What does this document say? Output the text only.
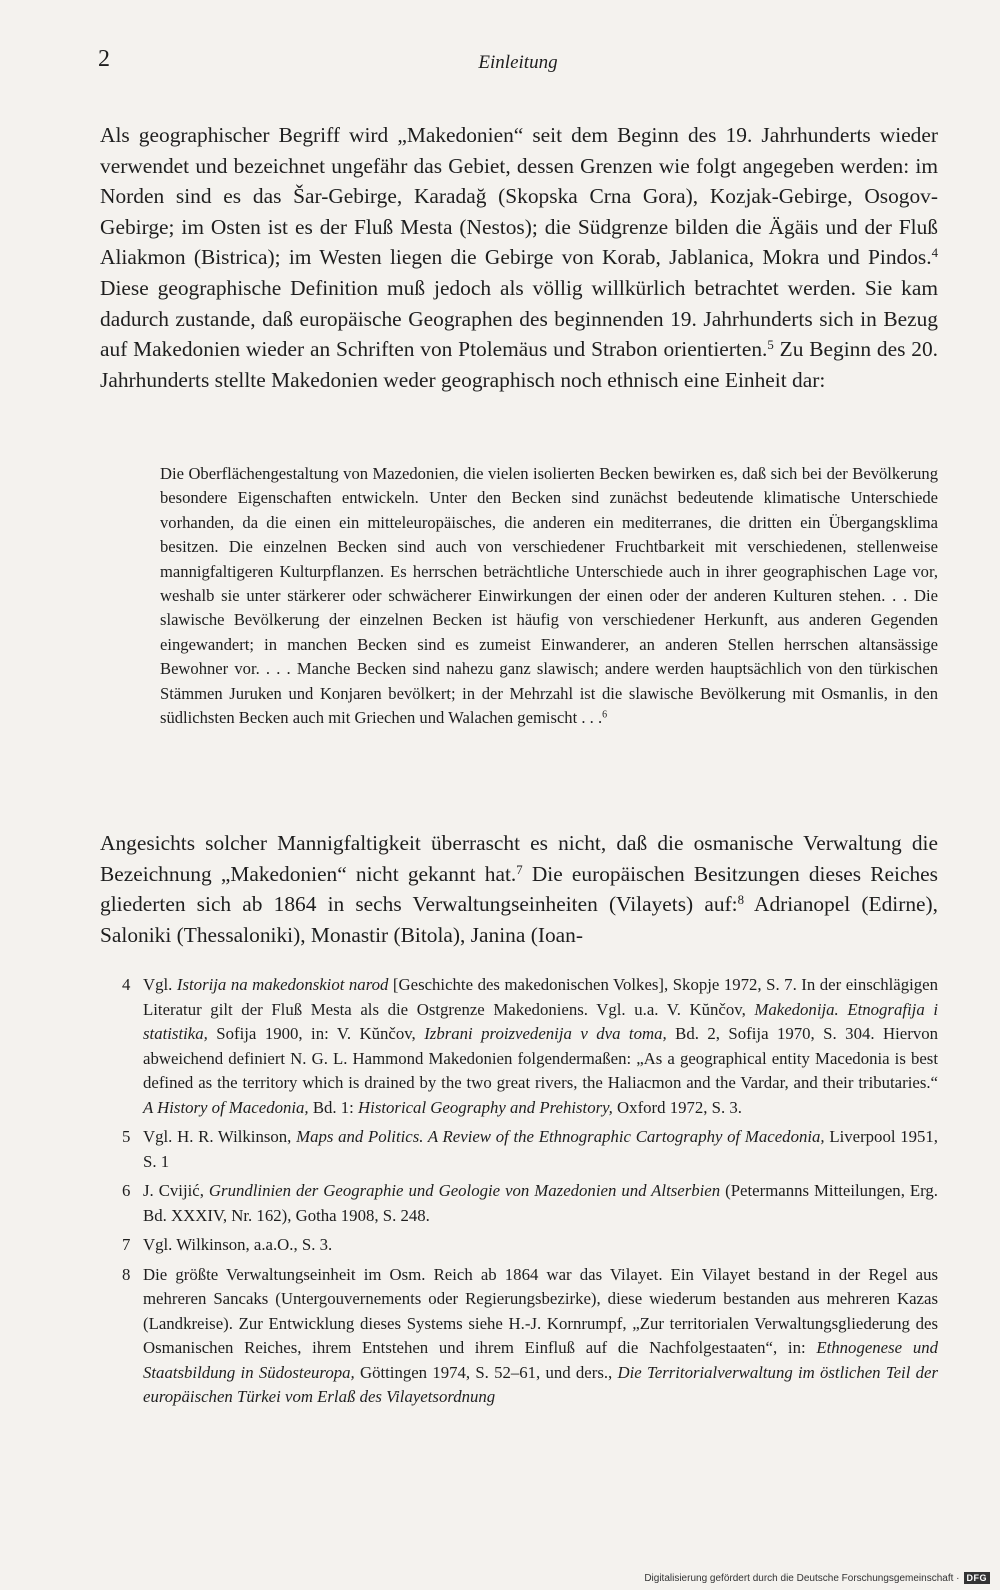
2	Einleitung

Als geographischer Begriff wird „Makedonien“ seit dem Beginn des 19. Jahrhunderts wieder verwendet und bezeichnet ungefähr das Gebiet, dessen Grenzen wie folgt angegeben werden: im Norden sind es das Šar-Gebirge, Karadağ (Skopska Crna Gora), Kozjak-Gebirge, Osogov-Gebirge; im Osten ist es der Fluß Mesta (Nestos); die Südgrenze bilden die Ägäis und der Fluß Aliakmon (Bistrica); im Westen liegen die Gebirge von Korab, Jablanica, Mokra und Pindos.$^4$ Diese geographische Definition muß jedoch als völlig willkürlich betrachtet werden. Sie kam dadurch zustande, daß europäische Geographen des beginnenden 19. Jahrhunderts sich in Bezug auf Makedonien wieder an Schriften von Ptolemäus und Strabon orientierten.$^5$ Zu Beginn des 20. Jahrhunderts stellte Makedonien weder geographisch noch ethnisch eine Einheit dar:

Die Oberflächengestaltung von Mazedonien, die vielen isolierten Becken bewirken es, daß sich bei der Bevölkerung besondere Eigenschaften entwickeln. Unter den Becken sind zunächst bedeutende klimatische Unterschiede vorhanden, da die einen ein mitteleuropäisches, die anderen ein mediterranes, die dritten ein Übergangsklima besitzen. Die einzelnen Becken sind auch von verschiedener Fruchtbarkeit mit verschiedenen, stellenweise mannigfaltigeren Kulturpflanzen. Es herrschen beträchtliche Unterschiede auch in ihrer geographischen Lage vor, weshalb sie unter stärkerer oder schwächerer Einwirkungen der einen oder der anderen Kulturen stehen. . . Die slawische Bevölkerung der einzelnen Becken ist häufig von verschiedener Herkunft, aus anderen Gegenden eingewandert; in manchen Becken sind es zumeist Einwanderer, an anderen Stellen herrschen altansässige Bewohner vor. . . . Manche Becken sind nahezu ganz slawisch; andere werden hauptsächlich von den türkischen Stämmen Juruken und Konjaren bevölkert; in der Mehrzahl ist die slawische Bevölkerung mit Osmanlis, in den südlichsten Becken auch mit Griechen und Walachen gemischt . . .$^6$

Angesichts solcher Mannigfaltigkeit überrascht es nicht, daß die osmanische Verwaltung die Bezeichnung „Makedonien“ nicht gekannt hat.$^7$ Die europäischen Besitzungen dieses Reiches gliederten sich ab 1864 in sechs Verwaltungseinheiten (Vilayets) auf:$^8$ Adrianopel (Edirne), Saloniki (Thessaloniki), Monastir (Bitola), Janina (Ioan-

4 Vgl. Istorija na makedonskiot narod [Geschichte des makedonischen Volkes], Skopje 1972, S. 7. In der einschlägigen Literatur gilt der Fluß Mesta als die Ostgrenze Makedoniens. Vgl. u.a. V. Kŭnčov, Makedonija. Etnografija i statistika, Sofija 1900, in: V. Kŭnčov, Izbrani proizvedenija v dva toma, Bd. 2, Sofija 1970, S. 304. Hiervon abweichend definiert N. G. L. Hammond Makedonien folgendermaßen: „As a geographical entity Macedonia is best defined as the territory which is drained by the two great rivers, the Haliacmon and the Vardar, and their tributaries.“ A History of Macedonia, Bd. 1: Historical Geography and Prehistory, Oxford 1972, S. 3.
5 Vgl. H. R. Wilkinson, Maps and Politics. A Review of the Ethnographic Cartography of Macedonia, Liverpool 1951, S. 1
6 J. Cvijić, Grundlinien der Geographie und Geologie von Mazedonien und Altserbien (Petermanns Mitteilungen, Erg. Bd. XXXIV, Nr. 162), Gotha 1908, S. 248.
7 Vgl. Wilkinson, a.a.O., S. 3.
8 Die größte Verwaltungseinheit im Osm. Reich ab 1864 war das Vilayet. Ein Vilayet bestand in der Regel aus mehreren Sancaks (Untergouvernements oder Regierungsbezirke), diese wiederum bestanden aus mehreren Kazas (Landkreise). Zur Entwicklung dieses Systems siehe H.-J. Kornrumpf, „Zur territorialen Verwaltungsgliederung des Osmanischen Reiches, ihrem Entstehen und ihrem Einfluß auf die Nachfolgestaaten“, in: Ethnogenese und Staatsbildung in Südosteuropa, Göttingen 1974, S. 52–61, und ders., Die Territorialverwaltung im östlichen Teil der europäischen Türkei vom Erlaß des Vilayetsordnung
Digitalisierung gefördert durch die Deutsche Forschungsgemeinschaft · DFG
